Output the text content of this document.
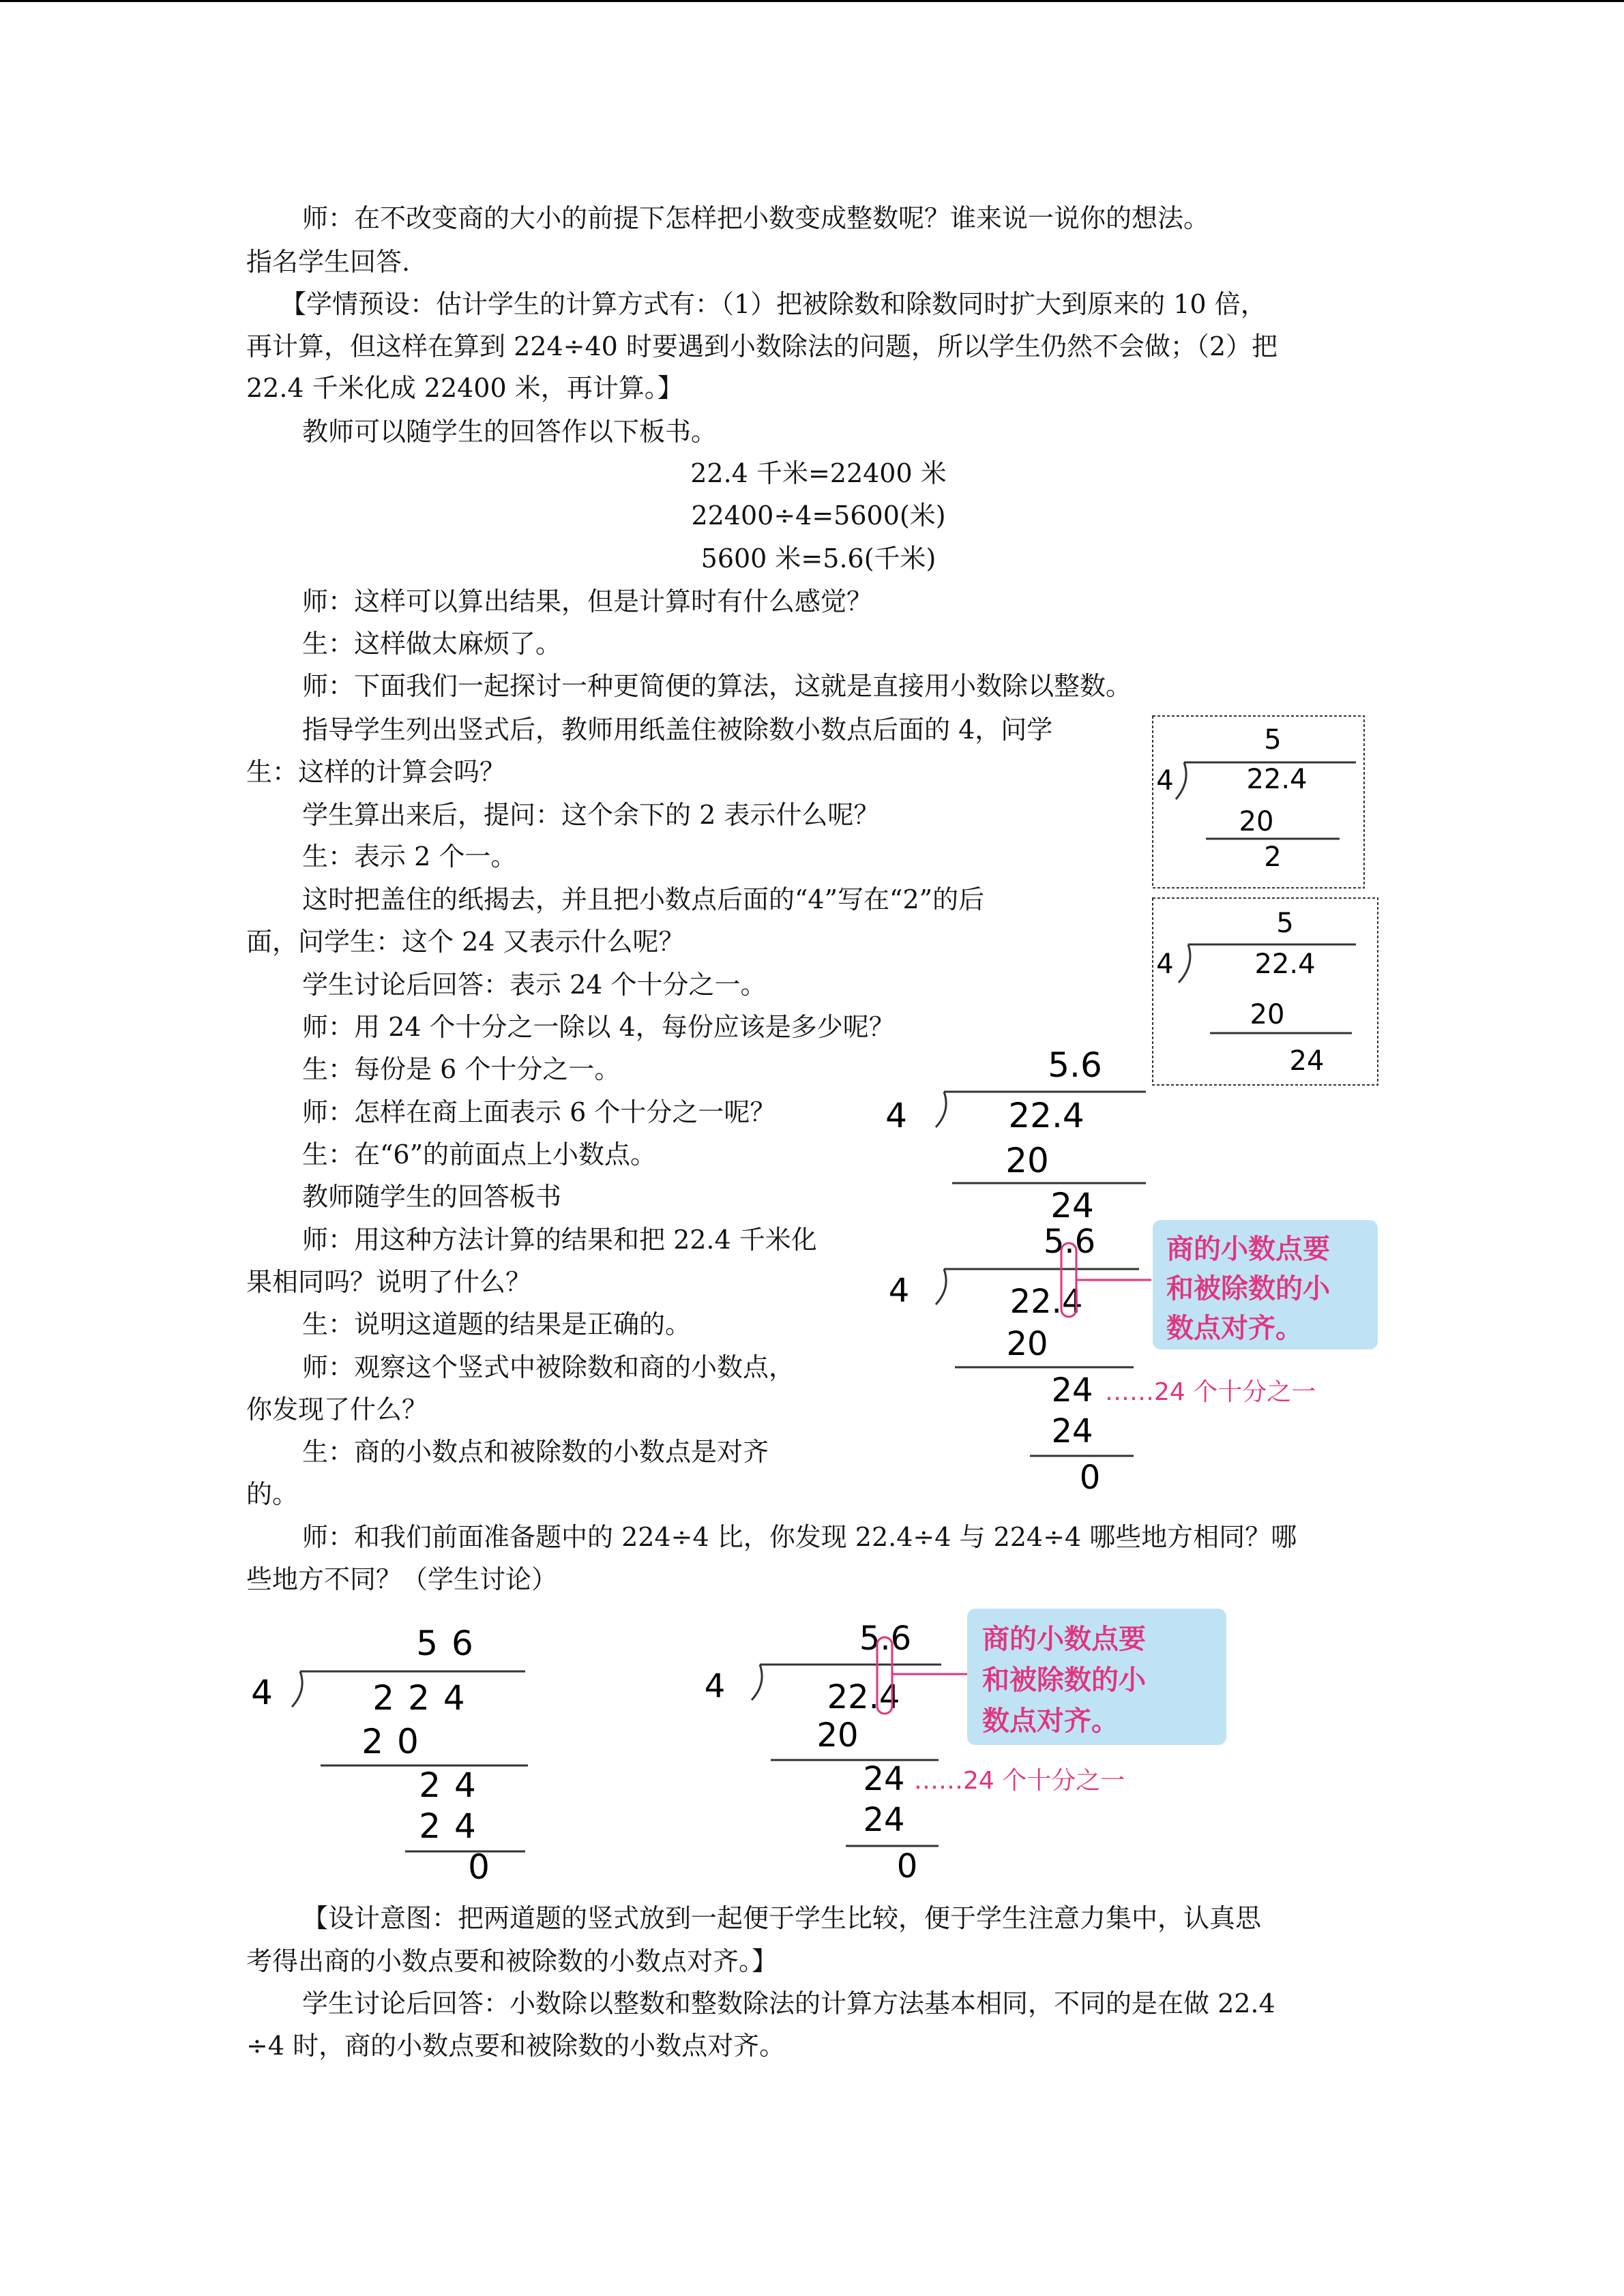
师：在不改变商的大小的前提下怎样把小数变成整数呢？谁来说一说你的想法。
指名学生回答.
【学情预设：估计学生的计算方式有：（1）把被除数和除数同时扩大到原来的 10 倍，
再计算，但这样在算到 224÷40 时要遇到小数除法的问题，所以学生仍然不会做；（2）把
22.4 千米化成 22400 米，再计算。】
教师可以随学生的回答作以下板书。
22.4 千米=22400 米
22400÷4=5600(米)
5600 米=5.6(千米)
师：这样可以算出结果，但是计算时有什么感觉？
生：这样做太麻烦了。
师：下面我们一起探讨一种更简便的算法，这就是直接用小数除以整数。
指导学生列出竖式后，教师用纸盖住被除数小数点后面的 4，问学
生：这样的计算会吗？
学生算出来后，提问：这个余下的 2 表示什么呢？
生：表示 2 个一。
这时把盖住的纸揭去，并且把小数点后面的“4”写在“2”的后
面，问学生：这个 24 又表示什么呢？
学生讨论后回答：表示 24 个十分之一。
师：用 24 个十分之一除以 4，每份应该是多少呢？
生：每份是 6 个十分之一。
师：怎样在商上面表示 6 个十分之一呢？
生：在“6”的前面点上小数点。
教师随学生的回答板书
师：用这种方法计算的结果和把 22.4 千米化
果相同吗？说明了什么？
生：说明这道题的结果是正确的。
师：观察这个竖式中被除数和商的小数点，
你发现了什么？
生：商的小数点和被除数的小数点是对齐
的。
师：和我们前面准备题中的 224÷4 比，你发现 22.4÷4 与 224÷4 哪些地方相同？哪
些地方不同？（学生讨论）
【设计意图：把两道题的竖式放到一起便于学生比较，便于学生注意力集中，认真思
考得出商的小数点要和被除数的小数点对齐。】
学生讨论后回答：小数除以整数和整数除法的计算方法基本相同，不同的是在做 22.4
÷4 时，商的小数点要和被除数的小数点对齐。
5
4	22.4
20
2
5
4	22.4
20
24
5.6
4	22.4
20
24
5.6
4	22.4
商的小数点要
和被除数的小
数点对齐。
20
24 ……24 个十分之一
24
0
56
4	224
20
24
24
0
5.6
4	22.4
商的小数点要
和被除数的小
数点对齐。
20
24 ……24 个十分之一
24
0
